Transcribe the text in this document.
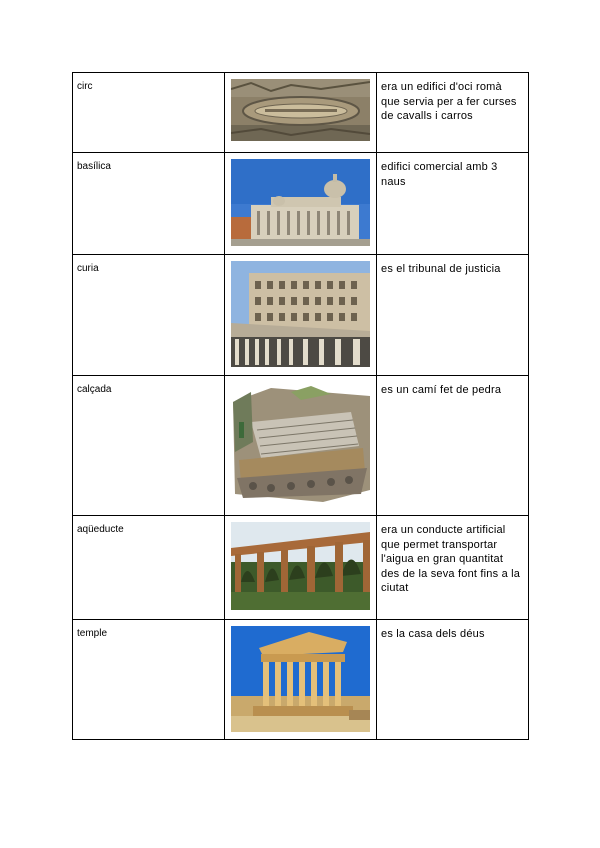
circ		era un edifici d'oci romà que servia per a fer curses de cavalls i carros

basílica		edifici comercial amb 3 naus

curia		es el tribunal de justicia

calçada		es un camí fet de pedra

aqüeducte		era un conducte artificial que permet transportar l'aigua en gran quantitat des de la seva font fins a la ciutat

temple		es la casa dels déus
